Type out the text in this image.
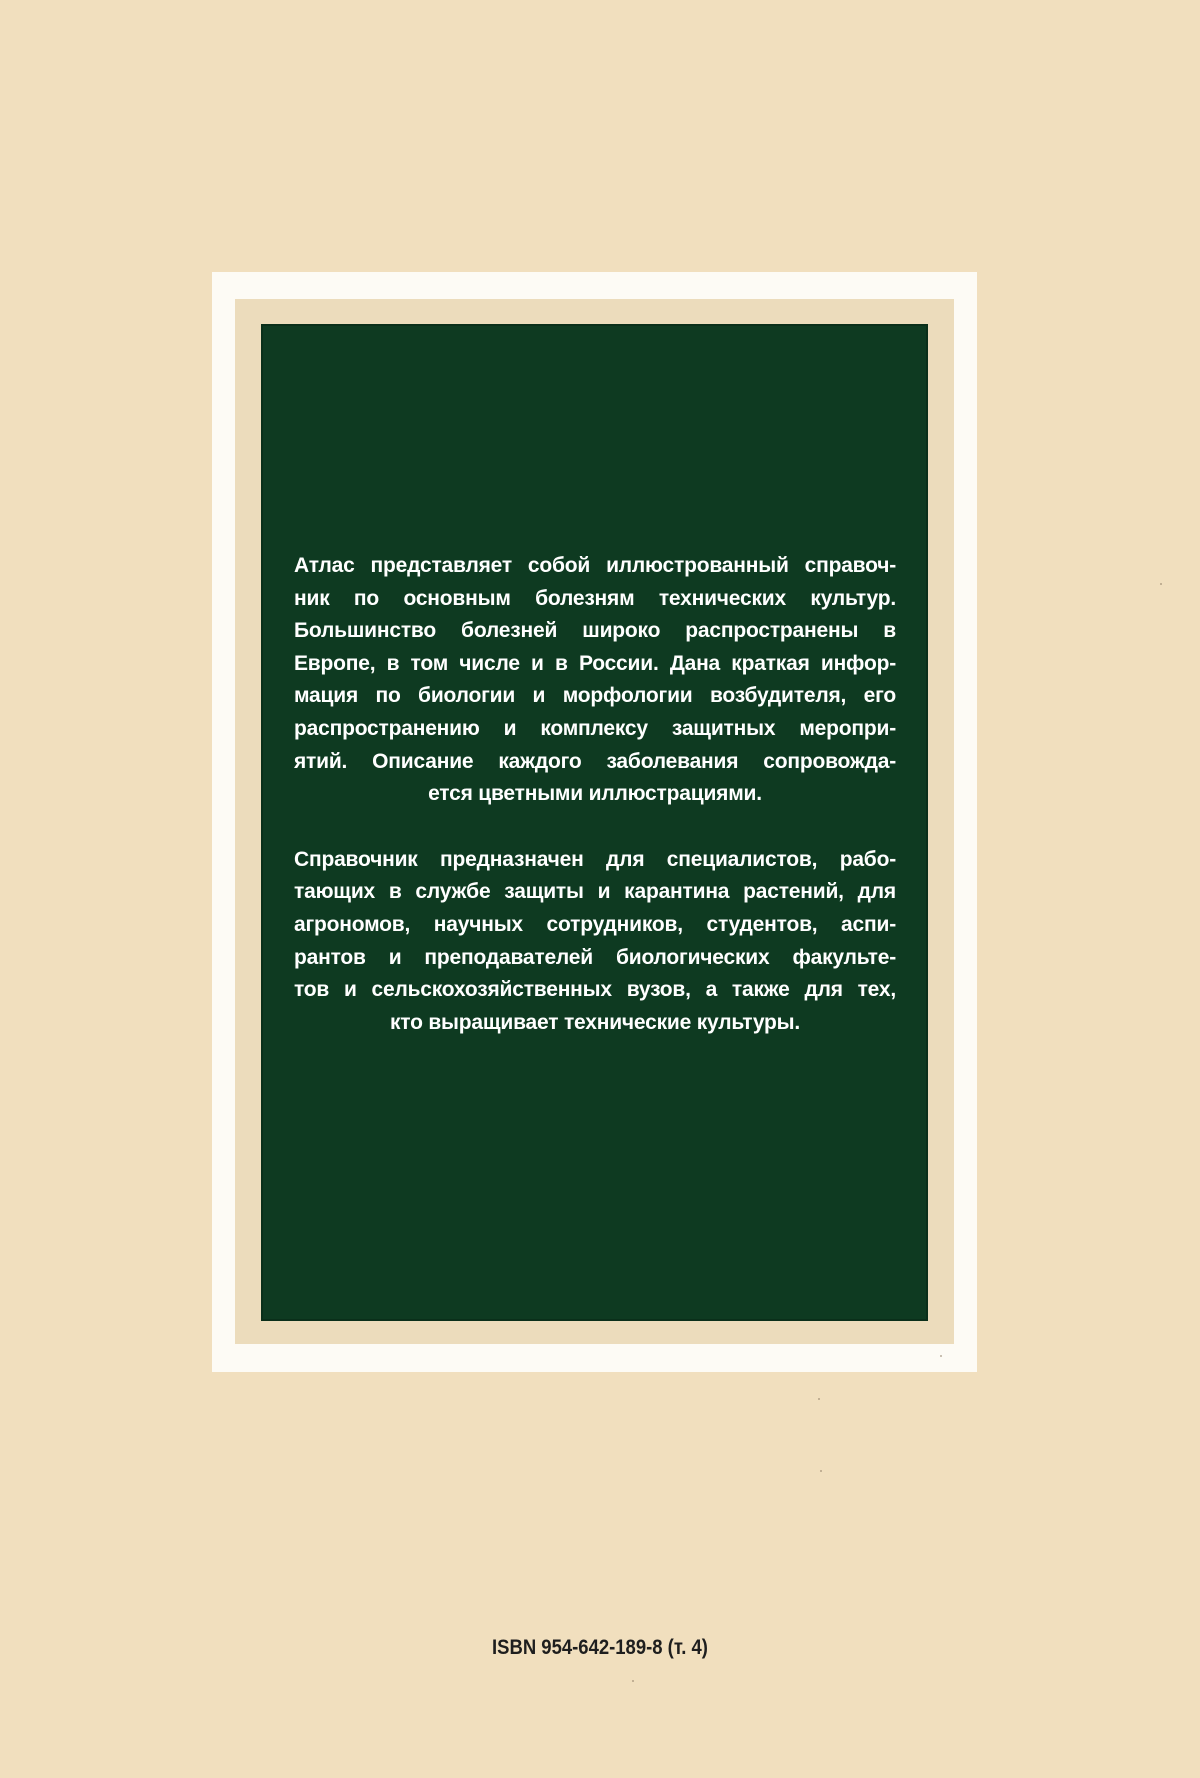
Атлас представляет собой иллюстрованный справоч-
ник по основным болезням технических культур.
Большинство болезней широко распространены в
Европе, в том числе и в России. Дана краткая инфор-
мация по биологии и морфологии возбудителя, его
распространению и комплексу защитных меропри-
ятий. Описание каждого заболевания сопровожда-
ется цветными иллюстрациями.
Справочник предназначен для специалистов, рабо-
тающих в службе защиты и карантина растений, для
агрономов, научных сотрудников, студентов, аспи-
рантов и преподавателей биологических факульте-
тов и сельскохозяйственных вузов, а также для тех,
кто выращивает технические культуры.
ISBN 954-642-189-8 (т. 4)
